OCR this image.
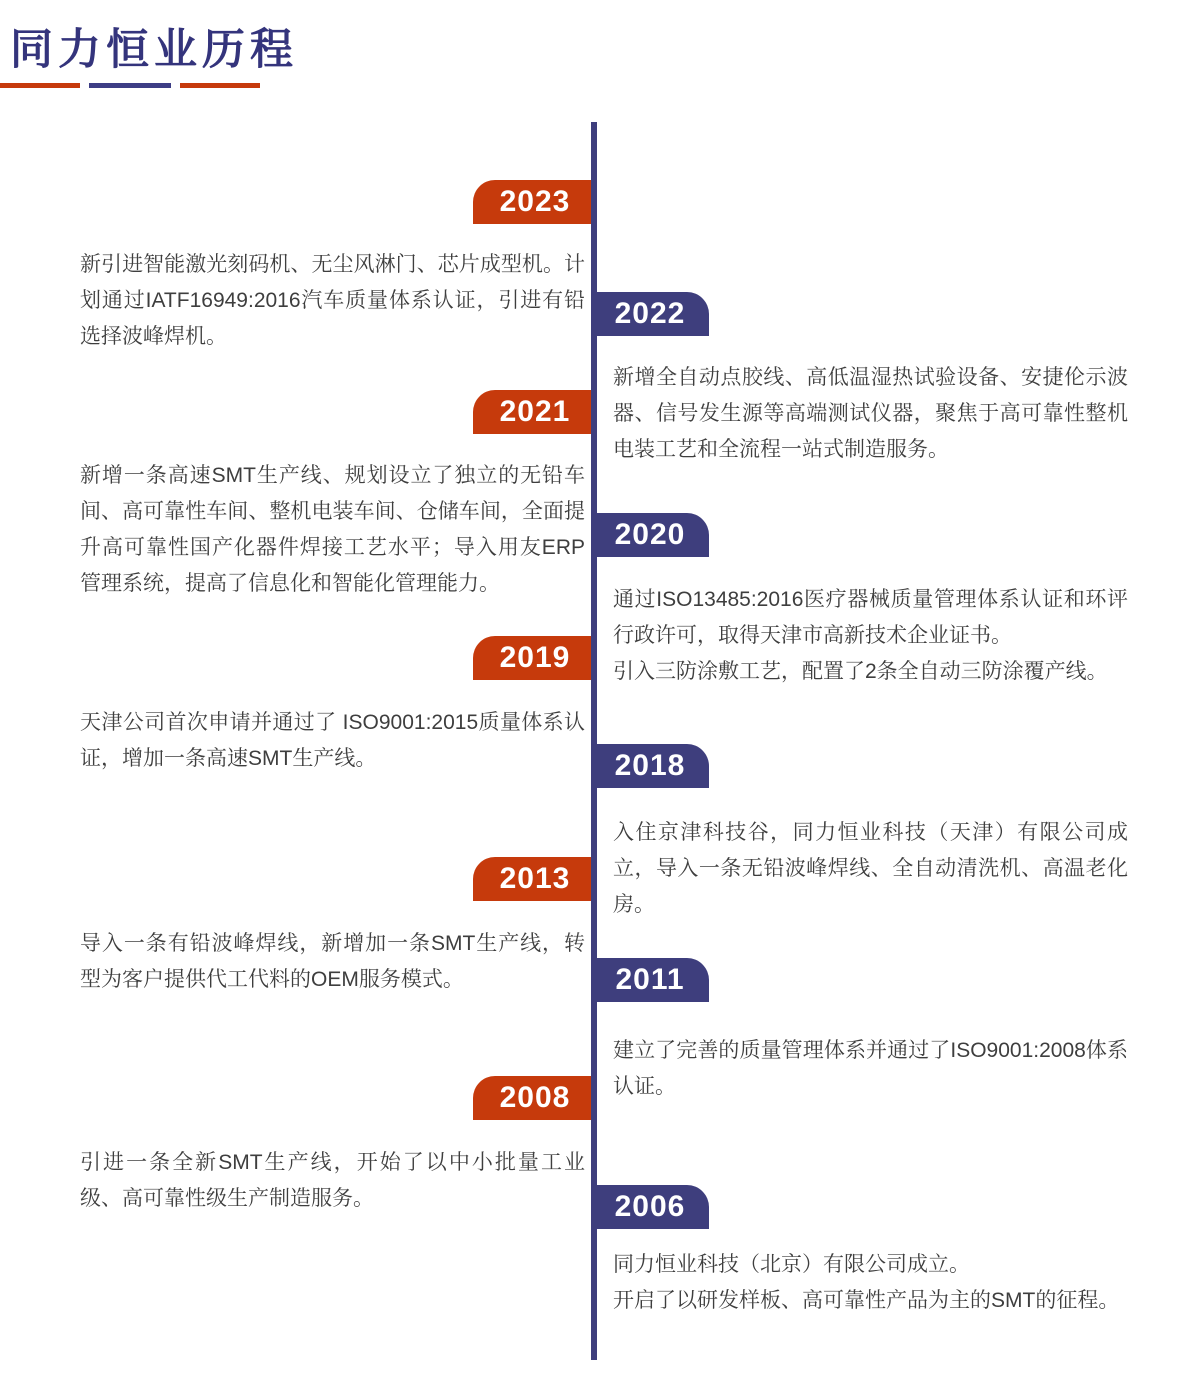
同力恒业历程
2023

新引进智能激光刻码机、无尘风淋门、芯片成型机。计划通过IATF16949:2016汽车质量体系认证，引进有铅选择波峰焊机。

2022

新增全自动点胶线、高低温湿热试验设备、安捷伦示波器、信号发生源等高端测试仪器，聚焦于高可靠性整机电装工艺和全流程一站式制造服务。

2021

新增一条高速SMT生产线、规划设立了独立的无铅车间、高可靠性车间、整机电装车间、仓储车间，全面提升高可靠性国产化器件焊接工艺水平；导入用友ERP管理系统，提高了信息化和智能化管理能力。

2020

通过ISO13485:2016医疗器械质量管理体系认证和环评行政许可，取得天津市高新技术企业证书。

引入三防涂敷工艺，配置了2条全自动三防涂覆产线。

2019

天津公司首次申请并通过了 ISO9001:2015质量体系认证，增加一条高速SMT生产线。	2018

入住京津科技谷，同力恒业科技（天津）有限公司成立，导入一条无铅波峰焊线、全自动清洗机、高温老化房。

2013

导入一条有铅波峰焊线，新增加一条SMT生产线，转型为客户提供代工代料的OEM服务模式。	2011

建立了完善的质量管理体系并通过了ISO9001:2008体系认证。

2008

引进一条全新SMT生产线，开始了以中小批量工业级、高可靠性级生产制造服务。	2006

同力恒业科技（北京）有限公司成立。

开启了以研发样板、高可靠性产品为主的SMT的征程。
